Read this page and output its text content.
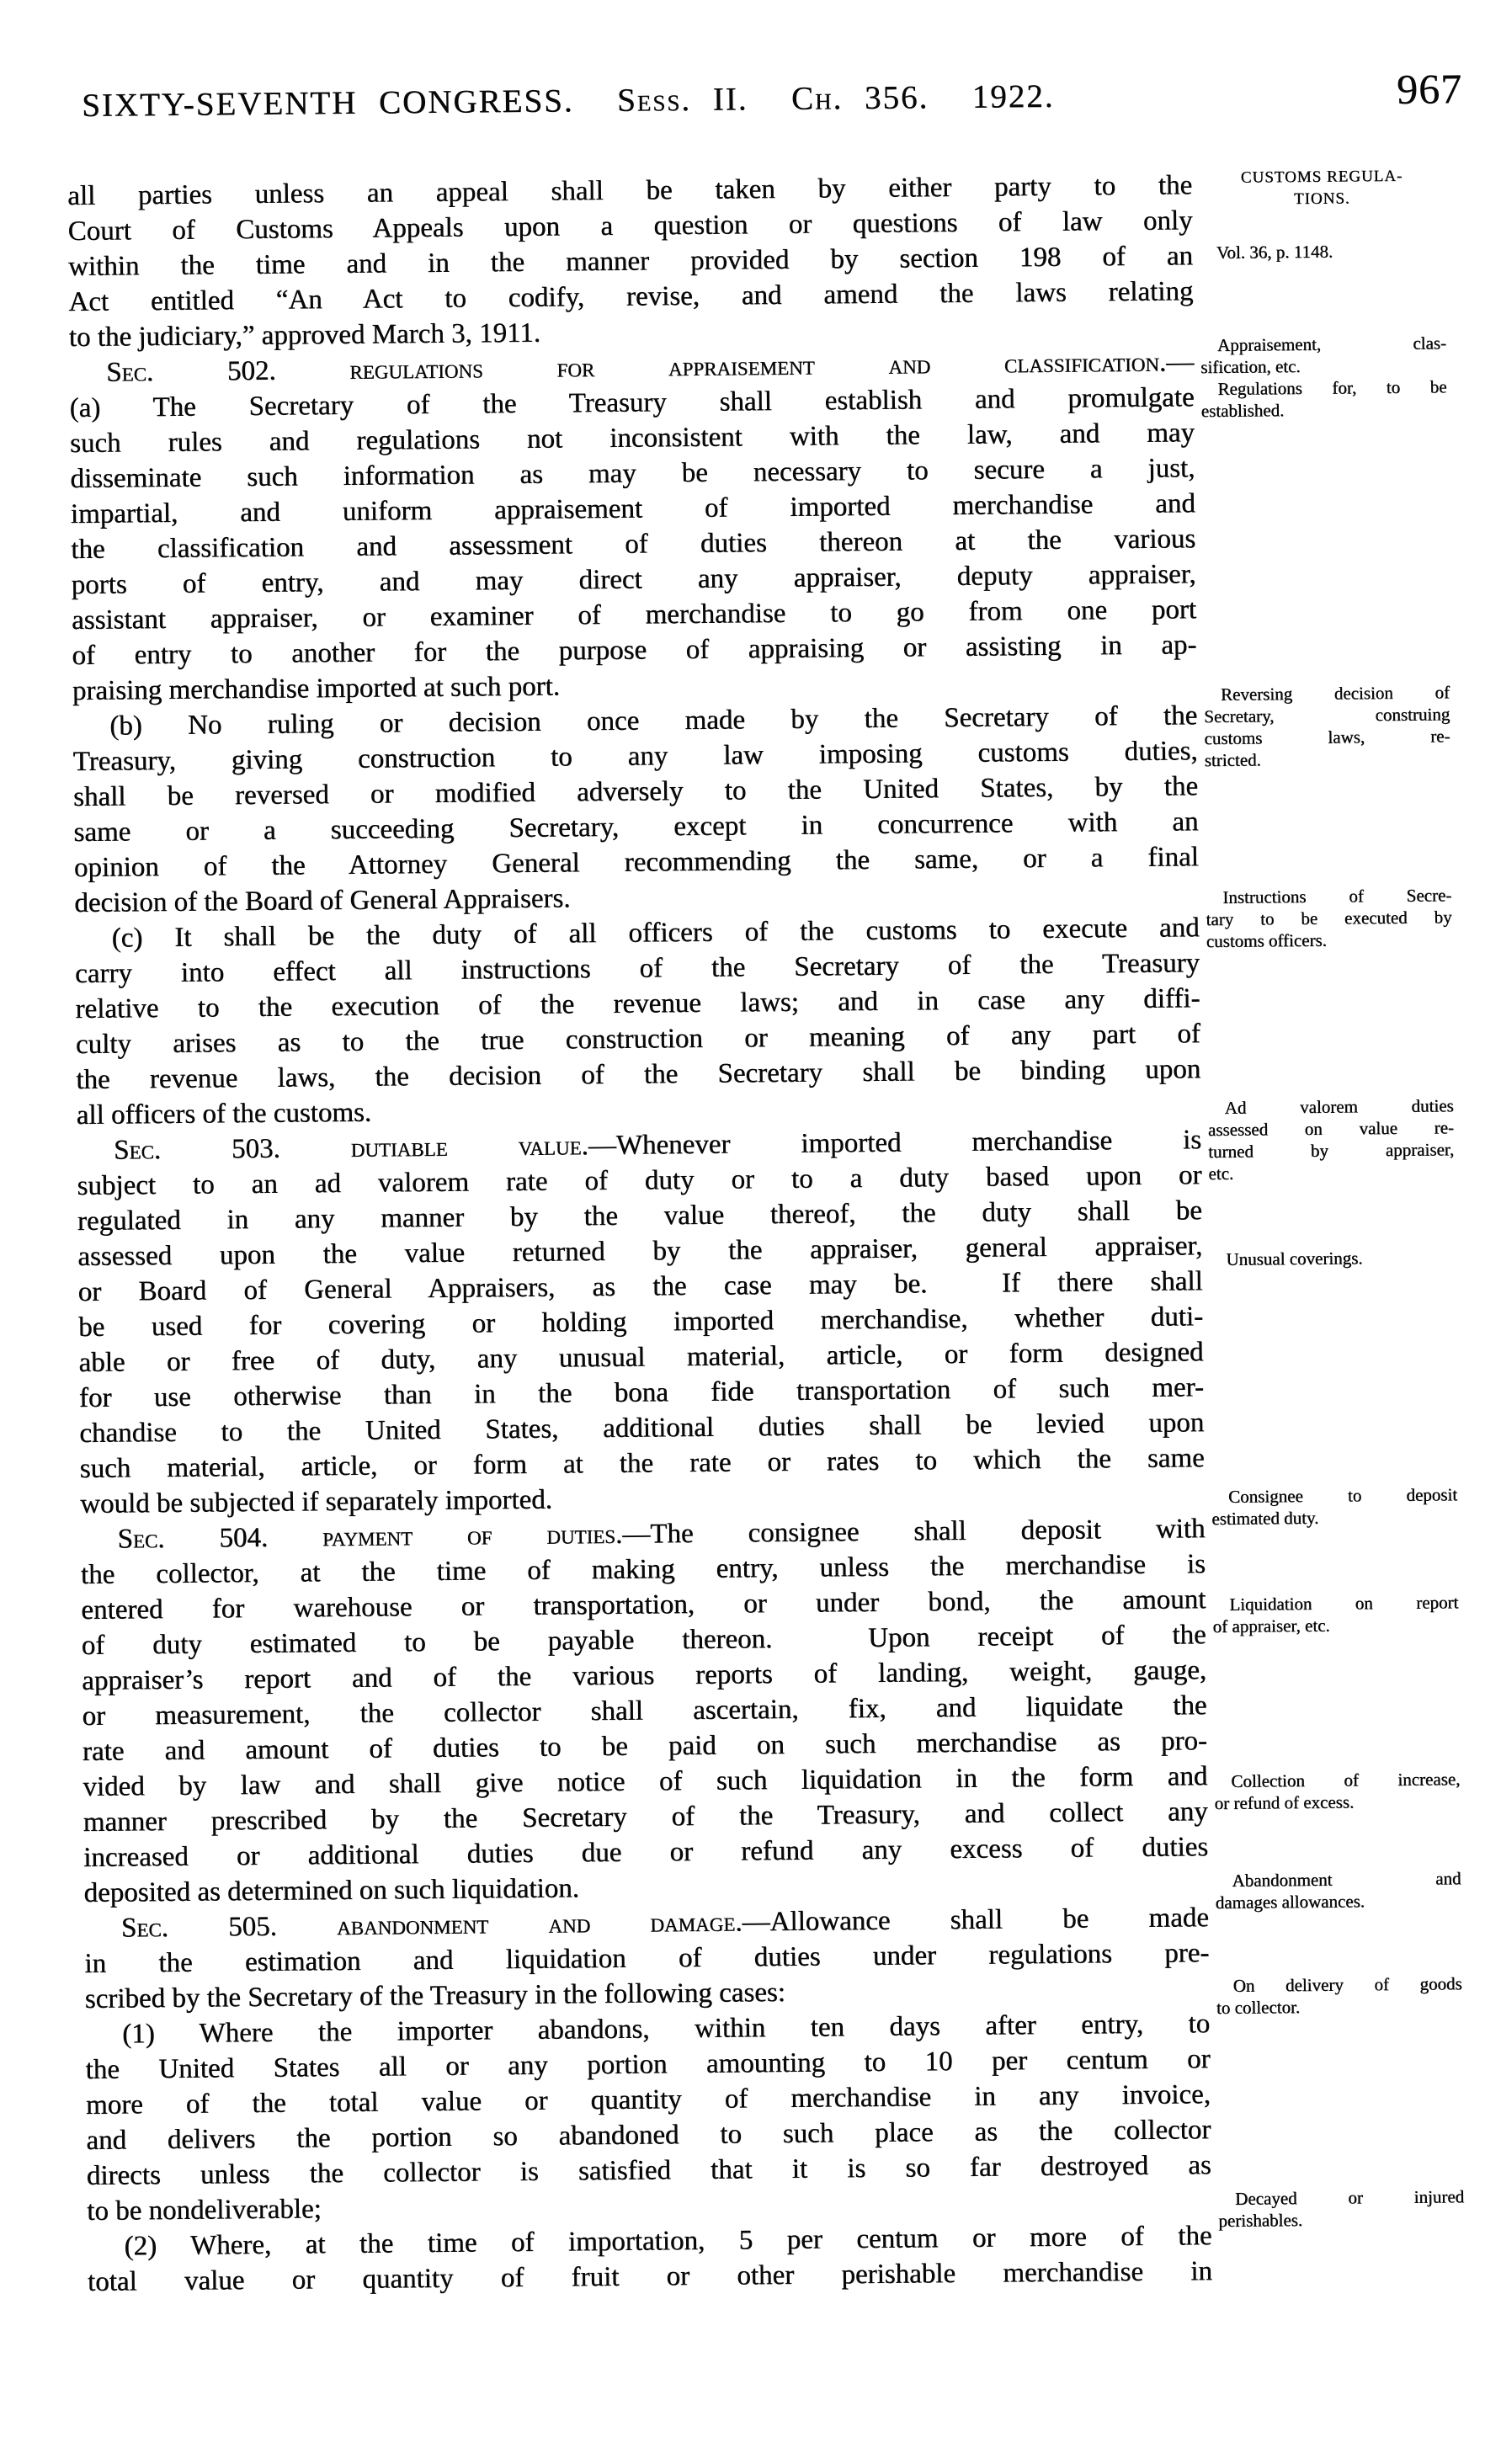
SIXTY-SEVENTH CONGRESS.  Sess. II.  Ch. 356.  1922.	967
all parties unless an appeal shall be taken by either party to the
Court of Customs Appeals upon a question or questions of law only
within the time and in the manner provided by section 198 of an
Act entitled “An Act to codify, revise, and amend the laws relating
to the judiciary,” approved March 3, 1911.
Sec. 502. regulations for appraisement and classification.—
(a) The Secretary of the Treasury shall establish and promulgate
such rules and regulations not inconsistent with the law, and may
disseminate such information as may be necessary to secure a just,
impartial, and uniform appraisement of imported merchandise and
the classification and assessment of duties thereon at the various
ports of entry, and may direct any appraiser, deputy appraiser,
assistant appraiser, or examiner of merchandise to go from one port
of entry to another for the purpose of appraising or assisting in ap-
praising merchandise imported at such port.
(b) No ruling or decision once made by the Secretary of the
Treasury, giving construction to any law imposing customs duties,
shall be reversed or modified adversely to the United States, by the
same or a succeeding Secretary, except in concurrence with an
opinion of the Attorney General recommending the same, or a final
decision of the Board of General Appraisers.
(c) It shall be the duty of all officers of the customs to execute and
carry into effect all instructions of the Secretary of the Treasury
relative to the execution of the revenue laws; and in case any diffi-
culty arises as to the true construction or meaning of any part of
the revenue laws, the decision of the Secretary shall be binding upon
all officers of the customs.
Sec. 503. dutiable value.—Whenever imported merchandise is
subject to an ad valorem rate of duty or to a duty based upon or
regulated in any manner by the value thereof, the duty shall be
assessed upon the value returned by the appraiser, general appraiser,
or Board of General Appraisers, as the case may be.  If there shall
be used for covering or holding imported merchandise, whether duti-
able or free of duty, any unusual material, article, or form designed
for use otherwise than in the bona fide transportation of such mer-
chandise to the United States, additional duties shall be levied upon
such material, article, or form at the rate or rates to which the same
would be subjected if separately imported.
Sec. 504. payment of duties.—The consignee shall deposit with
the collector, at the time of making entry, unless the merchandise is
entered for warehouse or transportation, or under bond, the amount
of duty estimated to be payable thereon.  Upon receipt of the
appraiser’s report and of the various reports of landing, weight, gauge,
or measurement, the collector shall ascertain, fix, and liquidate the
rate and amount of duties to be paid on such merchandise as pro-
vided by law and shall give notice of such liquidation in the form and
manner prescribed by the Secretary of the Treasury, and collect any
increased or additional duties due or refund any excess of duties
deposited as determined on such liquidation.
Sec. 505. abandonment and damage.—Allowance shall be made
in the estimation and liquidation of duties under regulations pre-
scribed by the Secretary of the Treasury in the following cases:
(1) Where the importer abandons, within ten days after entry, to
the United States all or any portion amounting to 10 per centum or
more of the total value or quantity of merchandise in any invoice,
and delivers the portion so abandoned to such place as the collector
directs unless the collector is satisfied that it is so far destroyed as
to be nondeliverable;
(2) Where, at the time of importation, 5 per centum or more of the
total value or quantity of fruit or other perishable merchandise in
CUSTOMS REGULA-
TIONS.
Vol. 36, p. 1148.
Appraisement, clas-
sification, etc.
Regulations for, to be
established.
Reversing decision of
Secretary, construing
customs laws, re-
stricted.
Instructions of Secre-
tary to be executed by
customs officers.
Ad valorem duties
assessed on value re-
turned by appraiser,
etc.
Unusual coverings.
Consignee to deposit
estimated duty.
Liquidation on report
of appraiser, etc.
Collection of increase,
or refund of excess.
Abandonment and
damages allowances.
On delivery of goods
to collector.
Decayed or injured
perishables.
